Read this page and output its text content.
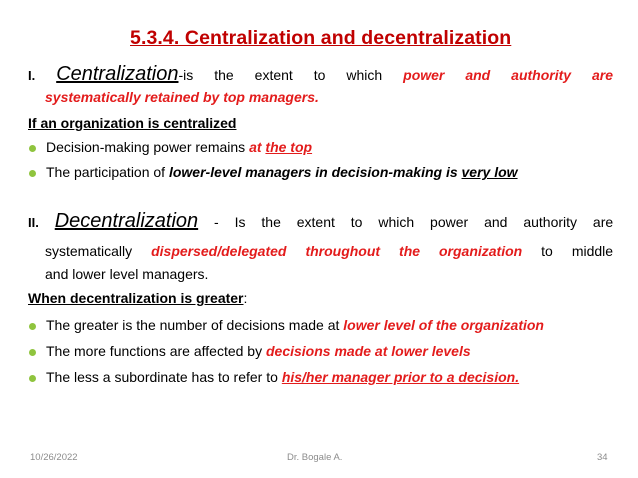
5.3.4. Centralization and decentralization
I. Centralization-is the extent to which power and authority are
systematically retained by top managers.
If an organization is centralized
Decision-making power remains at the top
The participation of lower-level managers in decision-making is very low
II. Decentralization - Is the extent to which power and authority are
systematically dispersed/delegated throughout the organization to middle
and lower level managers.
When decentralization is greater:
The greater is the number of decisions made at lower level of the organization
The more functions are affected by decisions made at lower levels
The less a subordinate has to refer to his/her manager prior to a decision.
10/26/2022	Dr. Bogale A.	34
